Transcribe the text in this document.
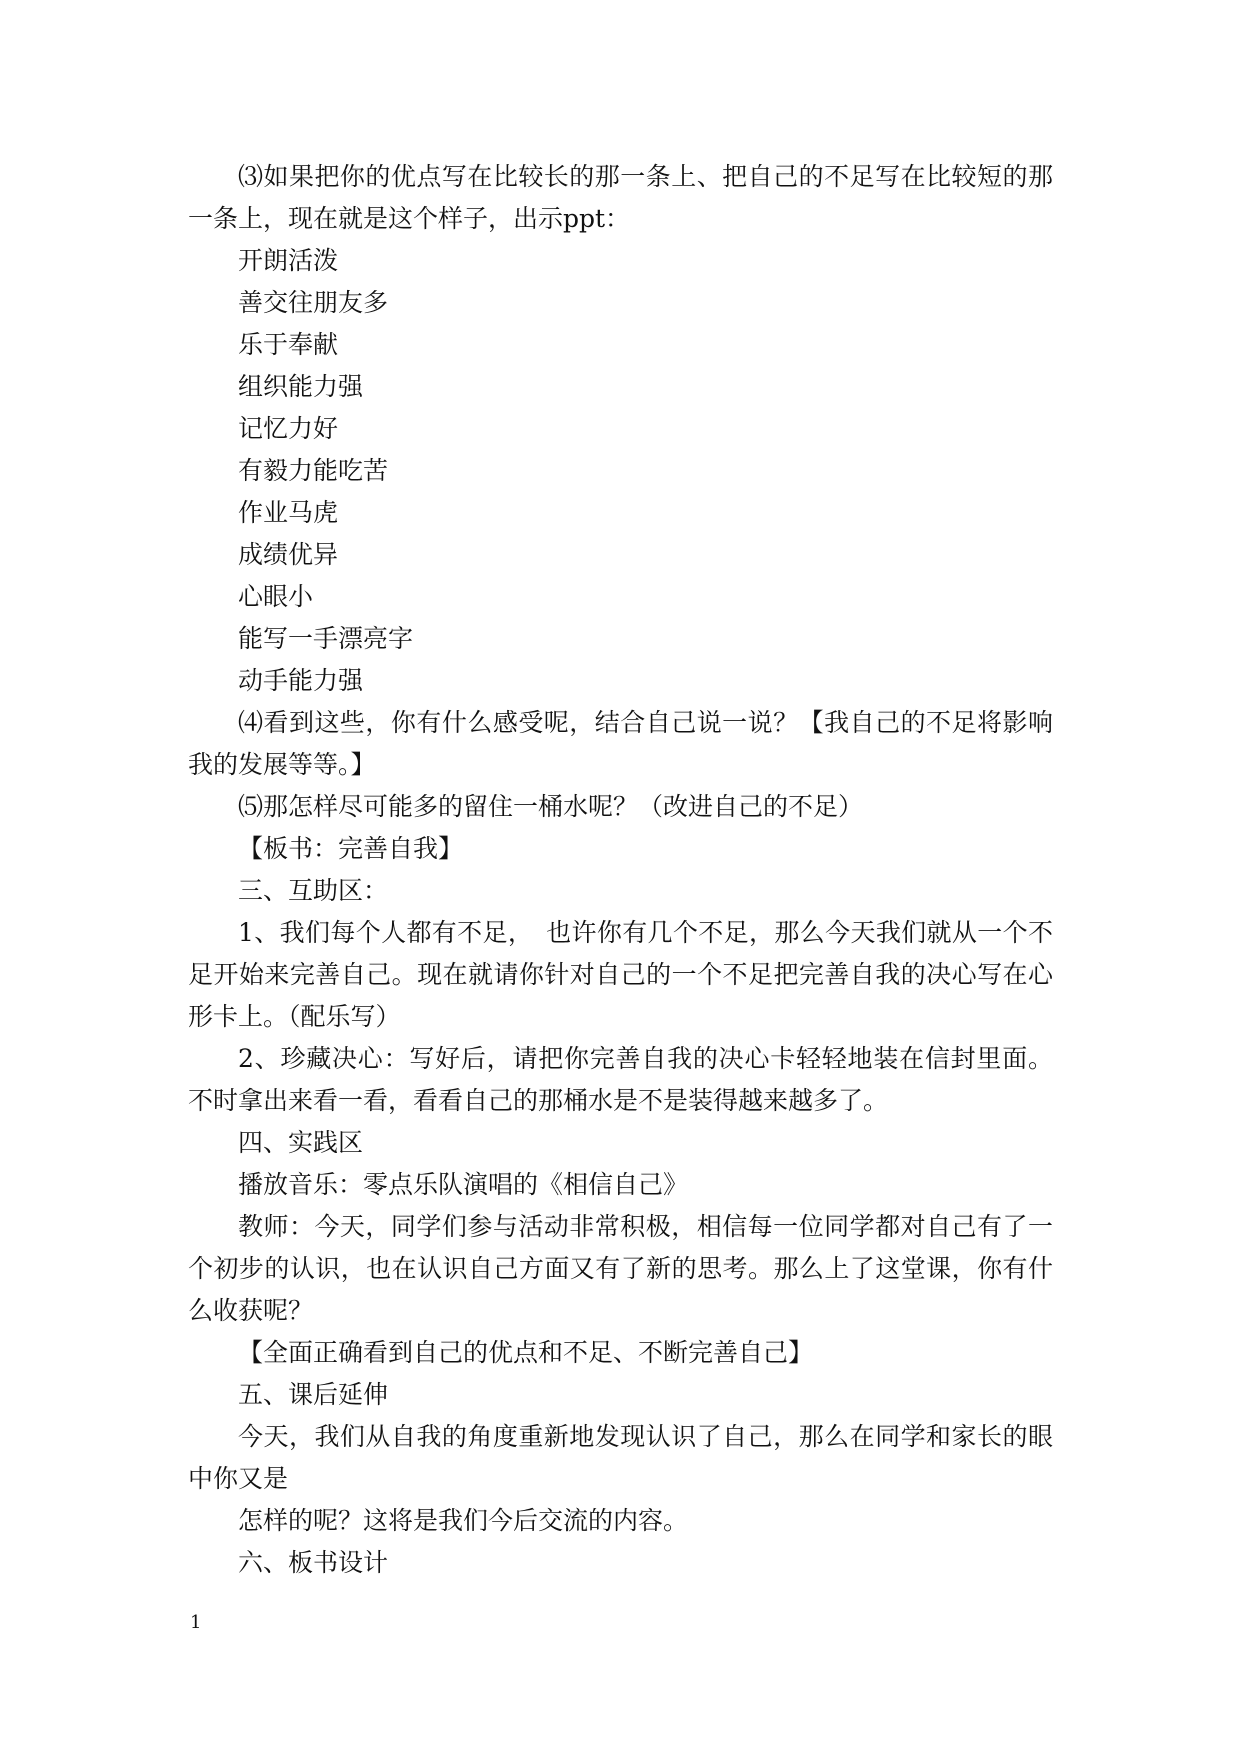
⑶如果把你的优点写在比较长的那一条上、把自己的不足写在比较短的那一条上，现在就是这个样子，出示ppt：

开朗活泼

善交往朋友多

乐于奉献

组织能力强

记忆力好

有毅力能吃苦

作业马虎

成绩优异

心眼小

能写一手漂亮字

动手能力强

⑷看到这些，你有什么感受呢，结合自己说一说？【我自己的不足将影响我的发展等等。】

⑸那怎样尽可能多的留住一桶水呢？（改进自己的不足）

【板书：完善自我】

三、互助区：

1、我们每个人都有不足，　也许你有几个不足，那么今天我们就从一个不足开始来完善自己。现在就请你针对自己的一个不足把完善自我的决心写在心形卡上。（配乐写）

2、珍藏决心：写好后，请把你完善自我的决心卡轻轻地装在信封里面。不时拿出来看一看，看看自己的那桶水是不是装得越来越多了。

四、实践区

播放音乐：零点乐队演唱的《相信自己》

教师：今天，同学们参与活动非常积极，相信每一位同学都对自己有了一个初步的认识，也在认识自己方面又有了新的思考。那么上了这堂课，你有什么收获呢？

【全面正确看到自己的优点和不足、不断完善自己】

五、课后延伸

今天，我们从自我的角度重新地发现认识了自己，那么在同学和家长的眼中你又是

怎样的呢？这将是我们今后交流的内容。

六、板书设计

1
